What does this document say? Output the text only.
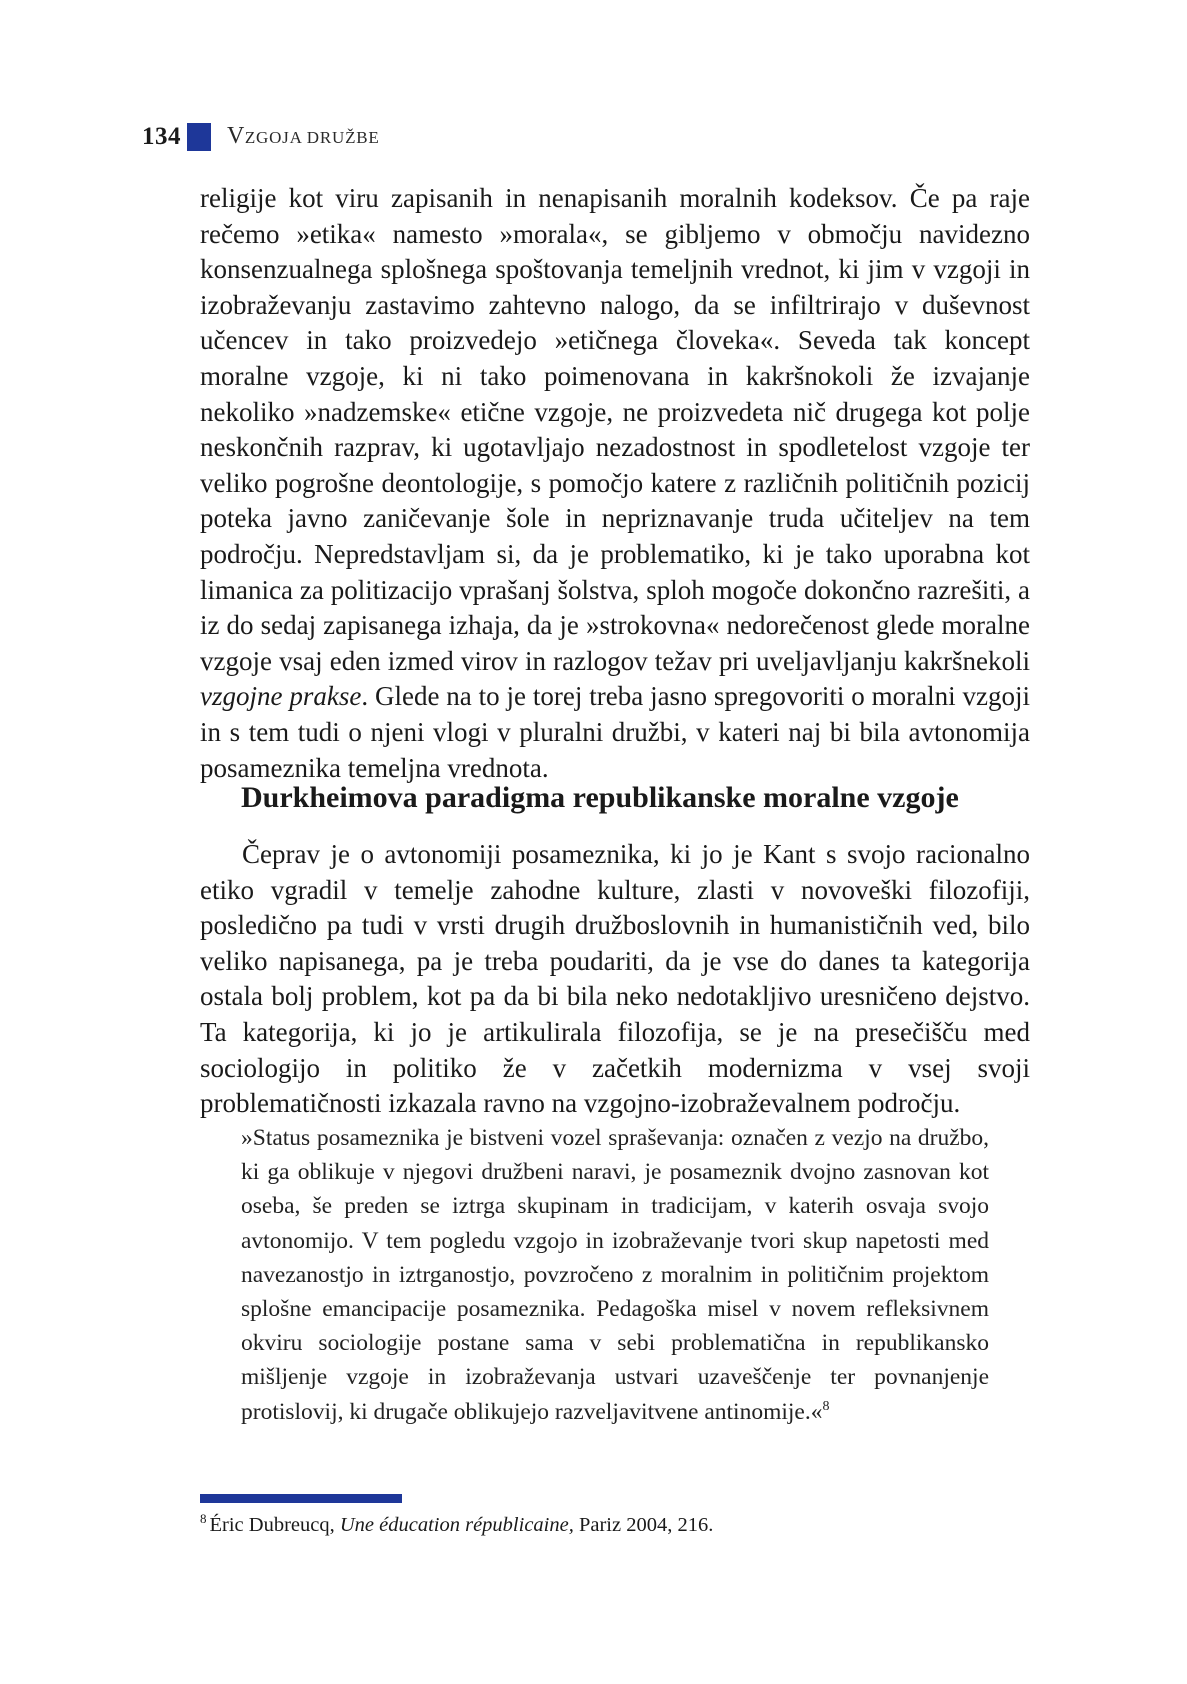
134 VZGOJA DRUŽBE

religije kot viru zapisanih in nenapisanih moralnih kodeksov. Če pa raje rečemo »etika« namesto »morala«, se gibljemo v območju navidezno konsenzualnega splošnega spoštovanja temeljnih vrednot, ki jim v vzgoji in izobraževanju zastavimo zahtevno nalogo, da se infiltrirajo v duševnost učencev in tako proizvedejo »etičnega človeka«. Seveda tak koncept moralne vzgoje, ki ni tako poimenovana in kakršnokoli že izvajanje nekoliko »nadzemske« etične vzgoje, ne proizvedeta nič drugega kot polje neskončnih razprav, ki ugotavljajo nezadostnost in spodletelost vzgoje ter veliko pogrošne deontologije, s pomočjo katere z različnih političnih pozicij poteka javno zaničevanje šole in nepriznavanje truda učiteljev na tem področju. Nepredstavljam si, da je problematiko, ki je tako uporabna kot limanica za politizacijo vprašanj šolstva, sploh mogoče dokončno razrešiti, a iz do sedaj zapisanega izhaja, da je »strokovna« nedorečenost glede moralne vzgoje vsaj eden izmed virov in razlogov težav pri uveljavljanju kakršnekoli vzgojne prakse. Glede na to je torej treba jasno spregovoriti o moralni vzgoji in s tem tudi o njeni vlogi v pluralni družbi, v kateri naj bi bila avtonomija posameznika temeljna vrednota.

Durkheimova paradigma republikanske moralne vzgoje

Čeprav je o avtonomiji posameznika, ki jo je Kant s svojo racionalno etiko vgradil v temelje zahodne kulture, zlasti v novoveški filozofiji, posledično pa tudi v vrsti drugih družboslovnih in humanističnih ved, bilo veliko napisanega, pa je treba poudariti, da je vse do danes ta kategorija ostala bolj problem, kot pa da bi bila neko nedotakljivo uresničeno dejstvo. Ta kategorija, ki jo je artikulirala filozofija, se je na presečišču med sociologijo in politiko že v začetkih modernizma v vsej svoji problematičnosti izkazala ravno na vzgojno-izobraževalnem področju.

»Status posameznika je bistveni vozel spraševanja: označen z vezjo na družbo, ki ga oblikuje v njegovi družbeni naravi, je posameznik dvojno zasnovan kot oseba, še preden se iztrga skupinam in tradicijam, v katerih osvaja svojo avtonomijo. V tem pogledu vzgojo in izobraževanje tvori skup napetosti med navezanostjo in iztrganostjo, povzročeno z moralnim in političnim projektom splošne emancipacije posameznika. Pedagoška misel v novem refleksivnem okviru sociologije postane sama v sebi problematična in republikansko mišljenje vzgoje in izobraževanja ustvari uzaveščenje ter povnanjenje protislovij, ki drugače oblikujejo razveljavitvene antinomije.«$^8$

$^8$ Éric Dubreucq, Une éducation républicaine, Pariz 2004, 216.
